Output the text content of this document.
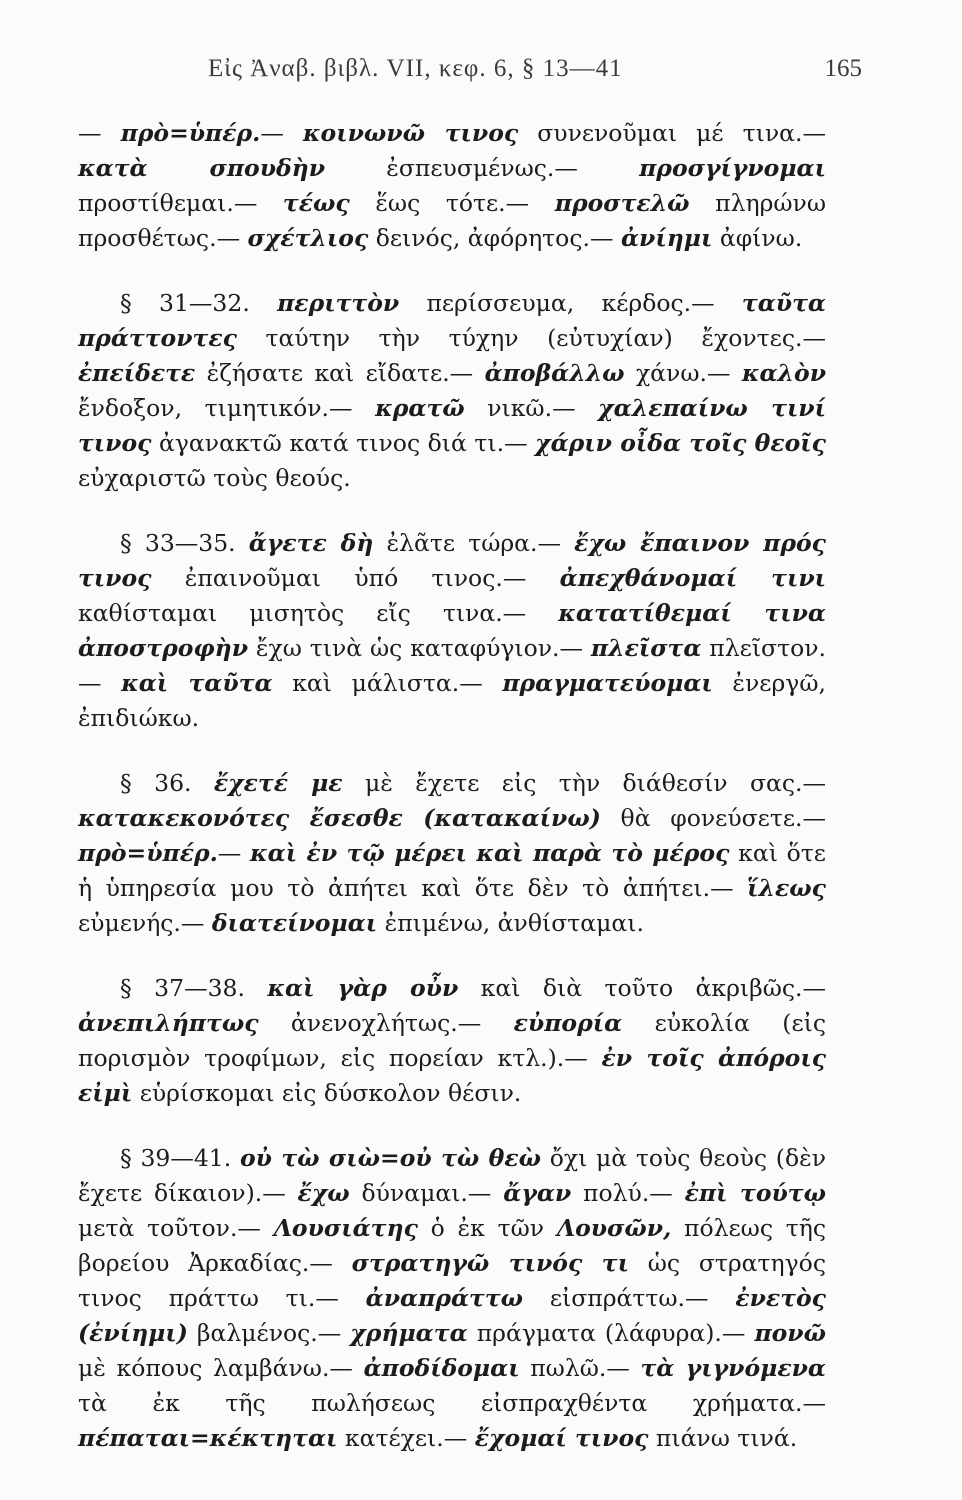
Εἰς Ἀναβ. βιβλ. VII, κεφ. 6, § 13—41	165

— πρὸ=ὑπέρ.— κοινωνῶ τινος συνενοῦμαι μέ τινα.— κατὰ σπουδὴν ἐσπευσμένως.— προσγίγνομαι προστίθεμαι.— τέως ἕως τότε.— προστελῶ πληρώνω προσθέτως.— σχέτλιος δεινός, ἀφόρητος.— ἀνίημι ἀφίνω.

§ 31—32. περιττὸν περίσσευμα, κέρδος.— ταῦτα πράττοντες ταύτην τὴν τύχην (εὐτυχίαν) ἔχοντες.— ἐπείδετε ἐζήσατε καὶ εἴδατε.— ἀποβάλλω χάνω.— καλὸν ἔνδοξον, τιμητικόν.— κρατῶ νικῶ.— χαλεπαίνω τινί τινος ἀγανακτῶ κατά τινος διά τι.— χάριν οἶδα τοῖς θεοῖς εὐχαριστῶ τοὺς θεούς.

§ 33—35. ἄγετε δὴ ἐλᾶτε τώρα.— ἔχω ἔπαινον πρός τινος ἐπαινοῦμαι ὑπό τινος.— ἀπεχθάνομαί τινι καθίσταμαι μισητὸς εἴς τινα.— κατατίθεμαί τινα ἀποστροφὴν ἔχω τινὰ ὡς καταφύγιον.— πλεῖστα πλεῖστον.— καὶ ταῦτα καὶ μάλιστα.— πραγματεύομαι ἐνεργῶ, ἐπιδιώκω.

§ 36. ἔχετέ με μὲ ἔχετε εἰς τὴν διάθεσίν σας.— κατακεκονότες ἔσεσθε (κατακαίνω) θὰ φονεύσετε.— πρὸ=ὑπέρ.— καὶ ἐν τῷ μέρει καὶ παρὰ τὸ μέρος καὶ ὅτε ἡ ὑπηρεσία μου τὸ ἀπήτει καὶ ὅτε δὲν τὸ ἀπήτει.— ἵλεως εὐμενής.— διατείνομαι ἐπιμένω, ἀνθίσταμαι.

§ 37—38. καὶ γὰρ οὖν καὶ διὰ τοῦτο ἀκριβῶς.— ἀνεπιλήπτως ἀνενοχλήτως.— εὐπορία εὐκολία (εἰς πορισμὸν τροφίμων, εἰς πορείαν κτλ.).— ἐν τοῖς ἀπόροις εἰμὶ εὑρίσκομαι εἰς δύσκολον θέσιν.

§ 39—41. οὐ τὼ σιὼ=οὐ τὼ θεὼ ὄχι μὰ τοὺς θεοὺς (δὲν ἔχετε δίκαιον).— ἔχω δύναμαι.— ἄγαν πολύ.— ἐπὶ τούτῳ μετὰ τοῦτον.— Λουσιάτης ὁ ἐκ τῶν Λουσῶν, πόλεως τῆς βορείου Ἀρκαδίας.— στρατηγῶ τινός τι ὡς στρατηγός τινος πράττω τι.— ἀναπράττω εἰσπράττω.— ἐνετὸς (ἐνίημι) βαλμένος.— χρήματα πράγματα (λάφυρα).— πονῶ μὲ κόπους λαμβάνω.— ἀποδίδομαι πωλῶ.— τὰ γιγνόμενα τὰ ἐκ τῆς πωλήσεως εἰσπραχθέντα χρήματα.— πέπαται=κέκτηται κατέχει.— ἔχομαί τινος πιάνω τινά.
